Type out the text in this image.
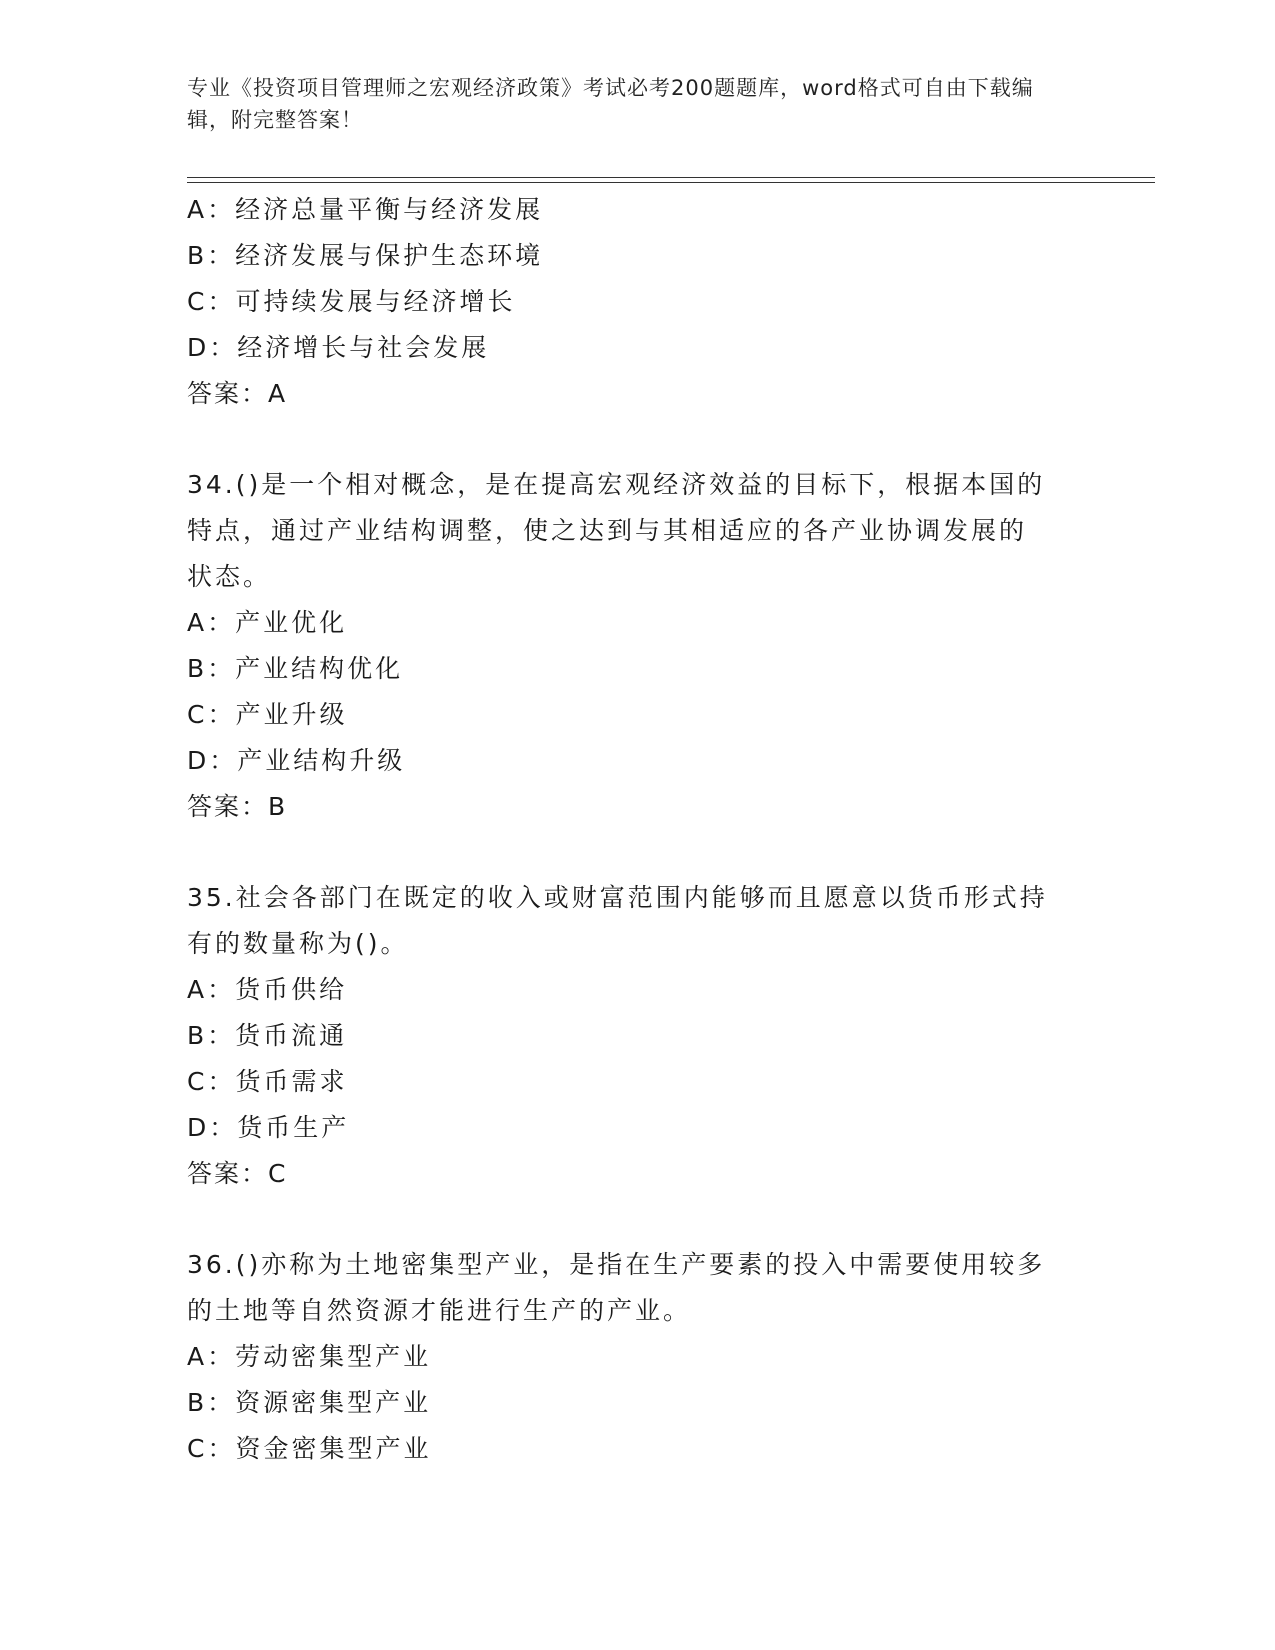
专业《投资项目管理师之宏观经济政策》考试必考200题题库，word格式可自由下载编辑，附完整答案！
A：经济总量平衡与经济发展
B：经济发展与保护生态环境
C：可持续发展与经济增长
D：经济增长与社会发展
答案：A
34.()是一个相对概念，是在提高宏观经济效益的目标下，根据本国的
特点，通过产业结构调整，使之达到与其相适应的各产业协调发展的
状态。
A：产业优化
B：产业结构优化
C：产业升级
D：产业结构升级
答案：B
35.社会各部门在既定的收入或财富范围内能够而且愿意以货币形式持
有的数量称为()。
A：货币供给
B：货币流通
C：货币需求
D：货币生产
答案：C
36.()亦称为土地密集型产业，是指在生产要素的投入中需要使用较多
的土地等自然资源才能进行生产的产业。
A：劳动密集型产业
B：资源密集型产业
C：资金密集型产业
